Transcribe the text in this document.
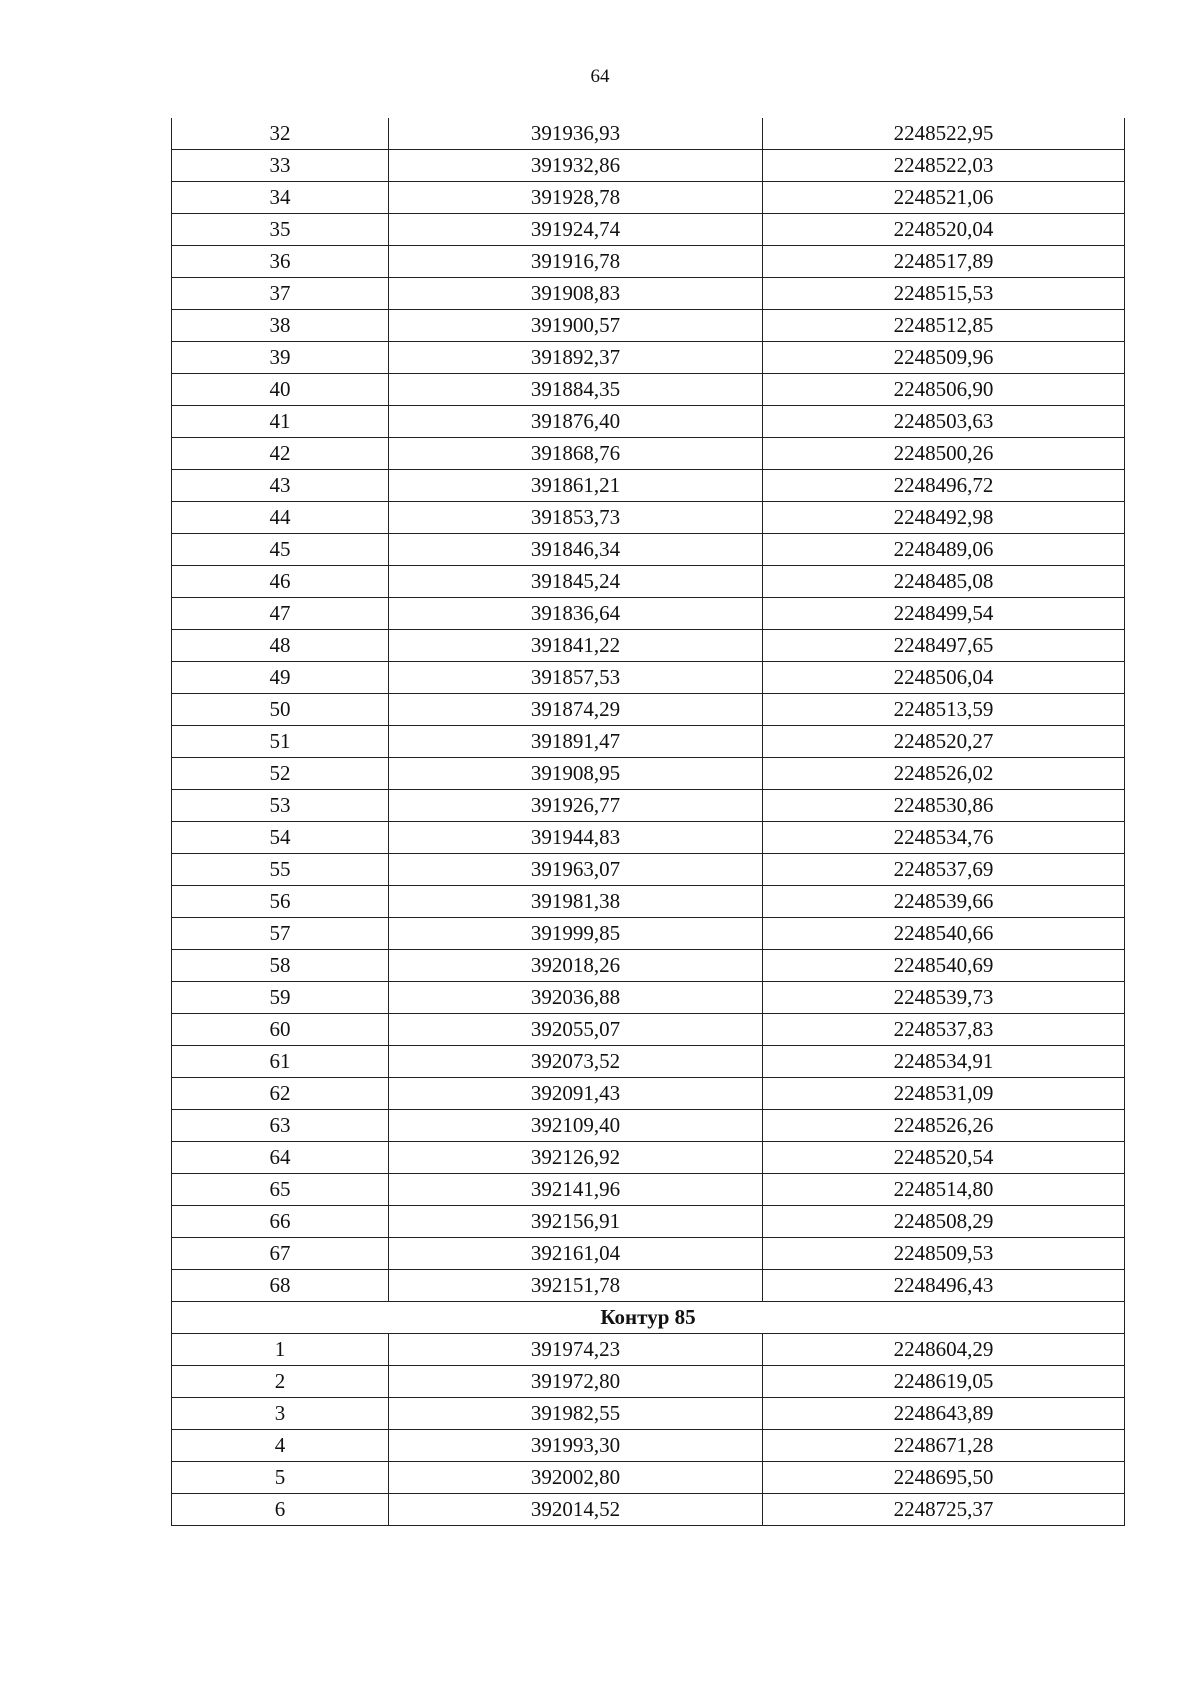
64
32	391936,93	2248522,95
33	391932,86	2248522,03
34	391928,78	2248521,06
35	391924,74	2248520,04
36	391916,78	2248517,89
37	391908,83	2248515,53
38	391900,57	2248512,85
39	391892,37	2248509,96
40	391884,35	2248506,90
41	391876,40	2248503,63
42	391868,76	2248500,26
43	391861,21	2248496,72
44	391853,73	2248492,98
45	391846,34	2248489,06
46	391845,24	2248485,08
47	391836,64	2248499,54
48	391841,22	2248497,65
49	391857,53	2248506,04
50	391874,29	2248513,59
51	391891,47	2248520,27
52	391908,95	2248526,02
53	391926,77	2248530,86
54	391944,83	2248534,76
55	391963,07	2248537,69
56	391981,38	2248539,66
57	391999,85	2248540,66
58	392018,26	2248540,69
59	392036,88	2248539,73
60	392055,07	2248537,83
61	392073,52	2248534,91
62	392091,43	2248531,09
63	392109,40	2248526,26
64	392126,92	2248520,54
65	392141,96	2248514,80
66	392156,91	2248508,29
67	392161,04	2248509,53
68	392151,78	2248496,43
Контур 85		
1	391974,23	2248604,29
2	391972,80	2248619,05
3	391982,55	2248643,89
4	391993,30	2248671,28
5	392002,80	2248695,50
6	392014,52	2248725,37
